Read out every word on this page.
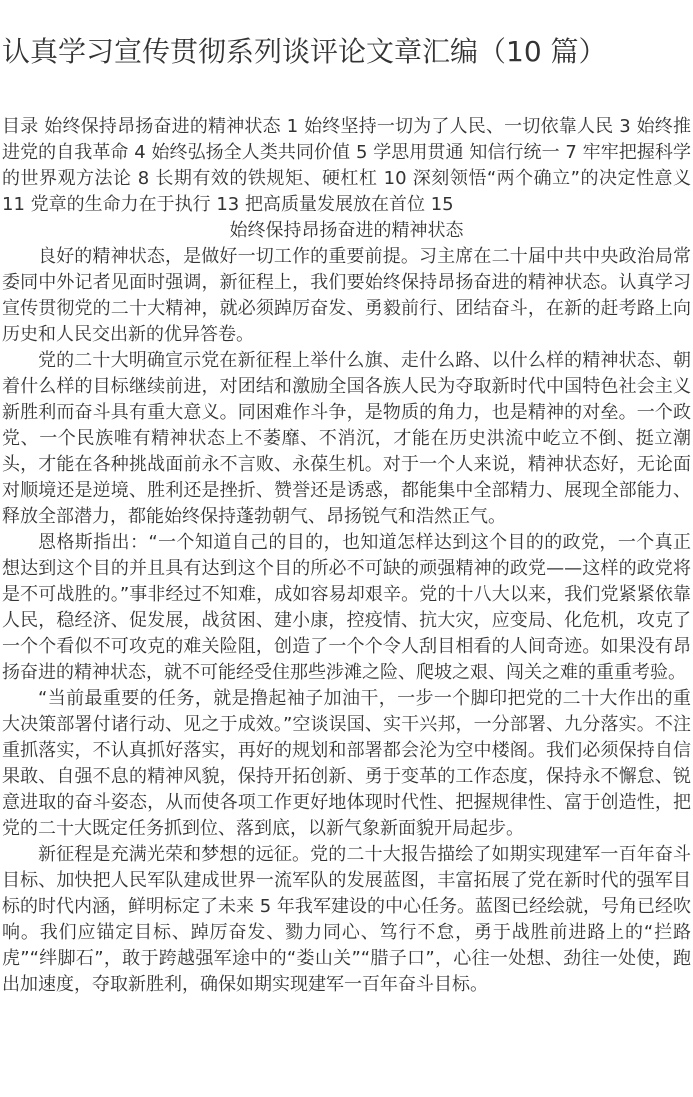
认真学习宣传贯彻系列谈评论文章汇编（10 篇）

目录 始终保持昂扬奋进的精神状态 1 始终坚持一切为了人民、一切依靠人民 3 始终推进党的自我革命 4 始终弘扬全人类共同价值 5 学思用贯通 知信行统一 7 牢牢把握科学的世界观方法论 8 长期有效的铁规矩、硬杠杠 10 深刻领悟“两个确立”的决定性意义 11 党章的生命力在于执行 13 把高质量发展放在首位 15

始终保持昂扬奋进的精神状态

良好的精神状态，是做好一切工作的重要前提。习主席在二十届中共中央政治局常委同中外记者见面时强调，新征程上，我们要始终保持昂扬奋进的精神状态。认真学习宣传贯彻党的二十大精神，就必须踔厉奋发、勇毅前行、团结奋斗，在新的赶考路上向历史和人民交出新的优异答卷。

党的二十大明确宣示党在新征程上举什么旗、走什么路、以什么样的精神状态、朝着什么样的目标继续前进，对团结和激励全国各族人民为夺取新时代中国特色社会主义新胜利而奋斗具有重大意义。同困难作斗争，是物质的角力，也是精神的对垒。一个政党、一个民族唯有精神状态上不萎靡、不消沉，才能在历史洪流中屹立不倒、挺立潮头，才能在各种挑战面前永不言败、永葆生机。对于一个人来说，精神状态好，无论面对顺境还是逆境、胜利还是挫折、赞誉还是诱惑，都能集中全部精力、展现全部能力、释放全部潜力，都能始终保持蓬勃朝气、昂扬锐气和浩然正气。

恩格斯指出：“一个知道自己的目的，也知道怎样达到这个目的的政党，一个真正想达到这个目的并且具有达到这个目的所必不可缺的顽强精神的政党——这样的政党将是不可战胜的。”事非经过不知难，成如容易却艰辛。党的十八大以来，我们党紧紧依靠人民，稳经济、促发展，战贫困、建小康，控疫情、抗大灾，应变局、化危机，攻克了一个个看似不可攻克的难关险阻，创造了一个个令人刮目相看的人间奇迹。如果没有昂扬奋进的精神状态，就不可能经受住那些涉滩之险、爬坡之艰、闯关之难的重重考验。

“当前最重要的任务，就是撸起袖子加油干，一步一个脚印把党的二十大作出的重大决策部署付诸行动、见之于成效。”空谈误国、实干兴邦，一分部署、九分落实。不注重抓落实，不认真抓好落实，再好的规划和部署都会沦为空中楼阁。我们必须保持自信果敢、自强不息的精神风貌，保持开拓创新、勇于变革的工作态度，保持永不懈怠、锐意进取的奋斗姿态，从而使各项工作更好地体现时代性、把握规律性、富于创造性，把党的二十大既定任务抓到位、落到底，以新气象新面貌开局起步。

新征程是充满光荣和梦想的远征。党的二十大报告描绘了如期实现建军一百年奋斗目标、加快把人民军队建成世界一流军队的发展蓝图，丰富拓展了党在新时代的强军目标的时代内涵，鲜明标定了未来 5 年我军建设的中心任务。蓝图已经绘就，号角已经吹响。我们应锚定目标、踔厉奋发、勠力同心、笃行不怠，勇于战胜前进路上的“拦路虎”“绊脚石”，敢于跨越强军途中的“娄山关”“腊子口”，心往一处想、劲往一处使，跑出加速度，夺取新胜利，确保如期实现建军一百年奋斗目标。
